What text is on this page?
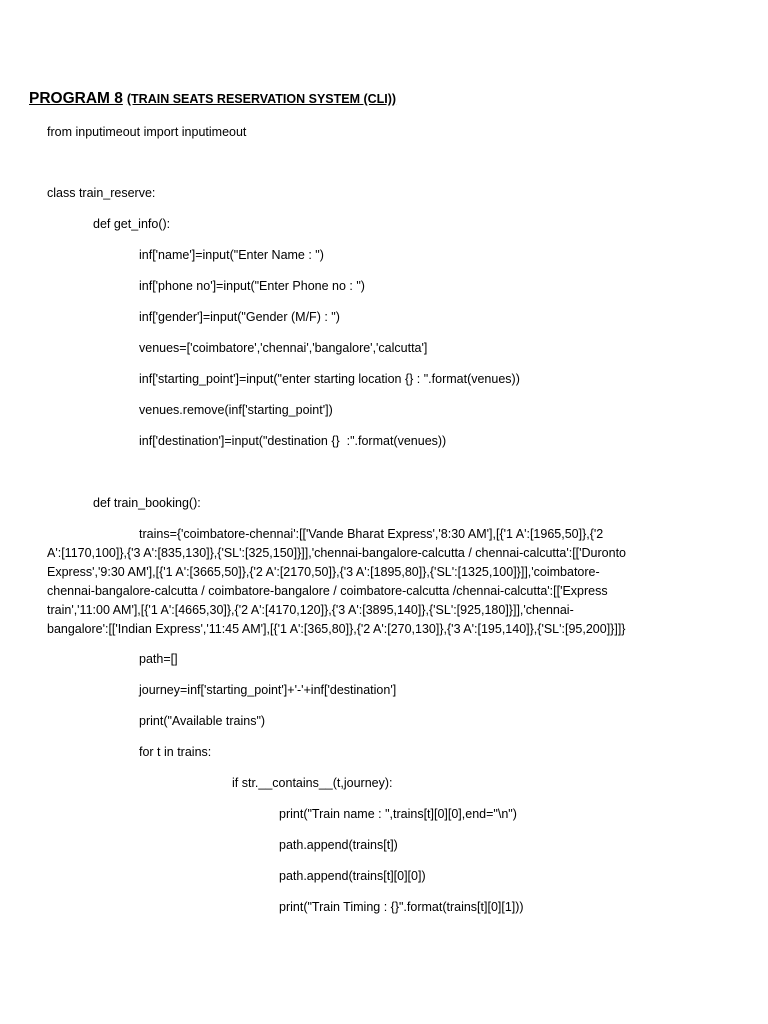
PROGRAM 8 (TRAIN SEATS RESERVATION SYSTEM (CLI))
from inputimeout import inputimeout
class train_reserve:
def get_info():
inf['name']=input("Enter Name : ")
inf['phone no']=input("Enter Phone no : ")
inf['gender']=input("Gender (M/F) : ")
venues=['coimbatore','chennai','bangalore','calcutta']
inf['starting_point']=input("enter starting location {} : ".format(venues))
venues.remove(inf['starting_point'])
inf['destination']=input("destination {}  :".format(venues))
def train_booking():
trains={'coimbatore-chennai':[['Vande Bharat Express','8:30 AM'],[{'1 A':[1965,50]},{'2
A':[1170,100]},{'3 A':[835,130]},{'SL':[325,150]}]],'chennai-bangalore-calcutta / chennai-calcutta':[['Duronto
Express','9:30 AM'],[{'1 A':[3665,50]},{'2 A':[2170,50]},{'3 A':[1895,80]},{'SL':[1325,100]}]],'coimbatore-
chennai-bangalore-calcutta / coimbatore-bangalore / coimbatore-calcutta /chennai-calcutta':[['Express
train','11:00 AM'],[{'1 A':[4665,30]},{'2 A':[4170,120]},{'3 A':[3895,140]},{'SL':[925,180]}]],'chennai-
bangalore':[['Indian Express','11:45 AM'],[{'1 A':[365,80]},{'2 A':[270,130]},{'3 A':[195,140]},{'SL':[95,200]}]]}
path=[]
journey=inf['starting_point']+'-'+inf['destination']
print("Available trains")
for t in trains:
if str.__contains__(t,journey):
print("Train name : ",trains[t][0][0],end="\n")
path.append(trains[t])
path.append(trains[t][0][0])
print("Train Timing : {}".format(trains[t][0][1]))
